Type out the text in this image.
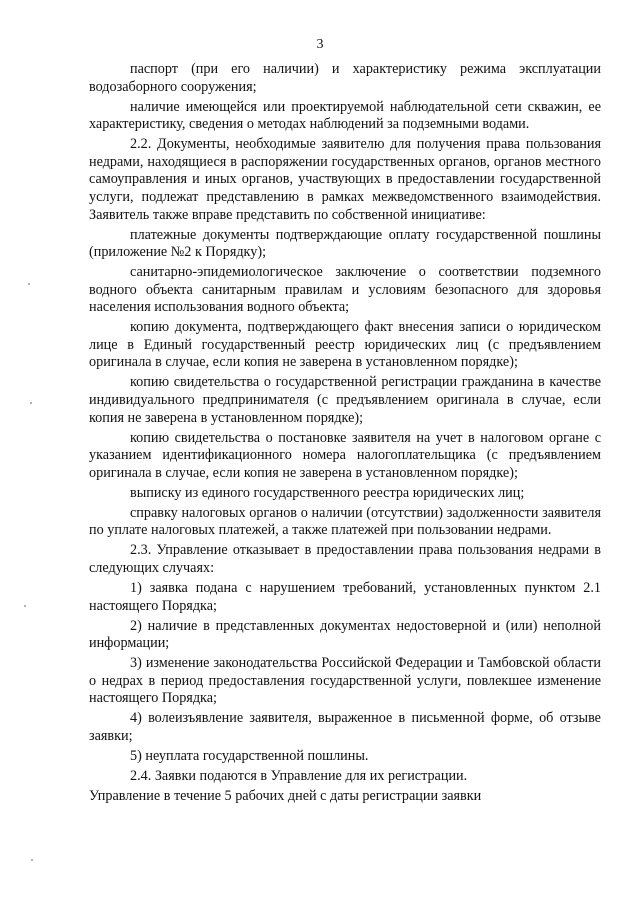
3

паспорт (при его наличии) и характеристику режима эксплуатации водозаборного сооружения;

наличие имеющейся или проектируемой наблюдательной сети скважин, ее характеристику, сведения о методах наблюдений за подземными водами.

2.2. Документы, необходимые заявителю для получения права пользования недрами, находящиеся в распоряжении государственных органов, органов местного самоуправления и иных органов, участвующих в предоставлении государственной услуги, подлежат представлению в рамках межведомственного взаимодействия. Заявитель также вправе представить по собственной инициативе:

платежные документы подтверждающие оплату государственной пошлины (приложение №2 к Порядку);

санитарно-эпидемиологическое заключение о соответствии подземного водного объекта санитарным правилам и условиям безопасного для здоровья населения использования водного объекта;

копию документа, подтверждающего факт внесения записи о юридическом лице в Единый государственный реестр юридических лиц (с предъявлением оригинала в случае, если копия не заверена в установленном порядке);

копию свидетельства о государственной регистрации гражданина в качестве индивидуального предпринимателя (с предъявлением оригинала в случае, если копия не заверена в установленном порядке);

копию свидетельства о постановке заявителя на учет в налоговом органе с указанием идентификационного номера налогоплательщика (с предъявлением оригинала в случае, если копия не заверена в установленном порядке);

выписку из единого государственного реестра юридических лиц;

справку налоговых органов о наличии (отсутствии) задолженности заявителя по уплате налоговых платежей, а также платежей при пользовании недрами.

2.3. Управление отказывает в предоставлении права пользования недрами в следующих случаях:

1) заявка подана с нарушением требований, установленных пунктом 2.1 настоящего Порядка;

2) наличие в представленных документах недостоверной и (или) неполной информации;

3) изменение законодательства Российской Федерации и Тамбовской области о недрах в период предоставления государственной услуги, повлекшее изменение настоящего Порядка;

4) волеизъявление заявителя, выраженное в письменной форме, об отзыве заявки;

5) неуплата государственной пошлины.

2.4. Заявки подаются в Управление для их регистрации.

Управление в течение 5 рабочих дней с даты регистрации заявки
